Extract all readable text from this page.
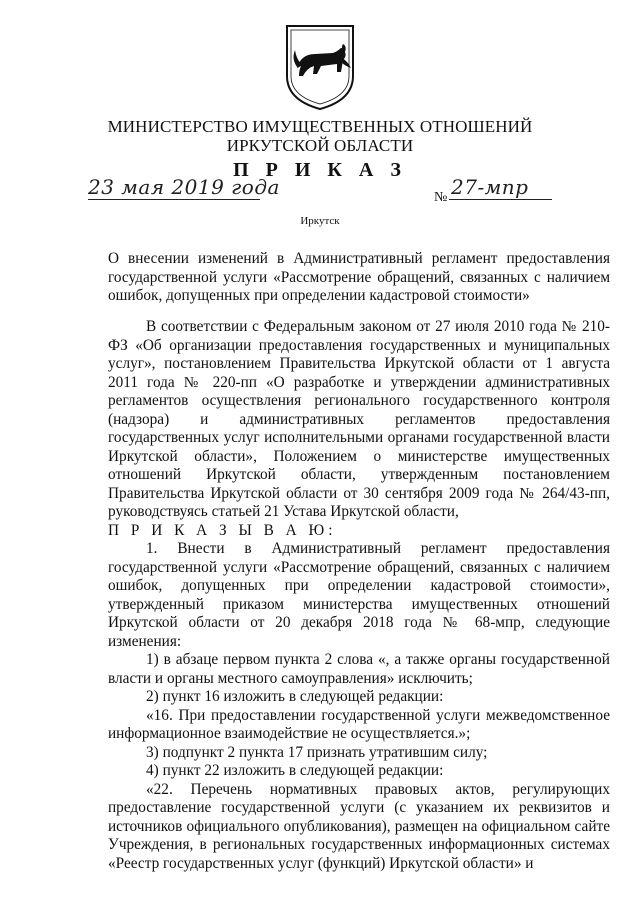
МИНИСТЕРСТВО ИМУЩЕСТВЕННЫХ ОТНОШЕНИЙ
ИРКУТСКОЙ ОБЛАСТИ
П Р И К А З
23 мая 2019 года	№ 27-мпр
Иркутск
О внесении изменений в Административный регламент предоставления государственной услуги «Рассмотрение обращений, связанных с наличием ошибок, допущенных при определении кадастровой стоимости»

В соответствии с Федеральным законом от 27 июля 2010 года № 210-ФЗ «Об организации предоставления государственных и муниципальных услуг», постановлением Правительства Иркутской области от 1 августа 2011 года № 220-пп «О разработке и утверждении административных регламентов осуществления регионального государственного контроля (надзора) и административных регламентов предоставления государственных услуг исполнительными органами государственной власти Иркутской области», Положением о министерстве имущественных отношений Иркутской области, утвержденным постановлением Правительства Иркутской области от 30 сентября 2009 года № 264/43-пп, руководствуясь статьей 21 Устава Иркутской области,

П Р И К А З Ы В А Ю:

1. Внести в Административный регламент предоставления государственной услуги «Рассмотрение обращений, связанных с наличием ошибок, допущенных при определении кадастровой стоимости», утвержденный приказом министерства имущественных отношений Иркутской области от 20 декабря 2018 года № 68-мпр, следующие изменения:

1) в абзаце первом пункта 2 слова «, а также органы государственной власти и органы местного самоуправления» исключить;

2) пункт 16 изложить в следующей редакции:

«16. При предоставлении государственной услуги межведомственное информационное взаимодействие не осуществляется.»;

3) подпункт 2 пункта 17 признать утратившим силу;

4) пункт 22 изложить в следующей редакции:

«22. Перечень нормативных правовых актов, регулирующих предоставление государственной услуги (с указанием их реквизитов и источников официального опубликования), размещен на официальном сайте Учреждения, в региональных государственных информационных системах «Реестр государственных услуг (функций) Иркутской области» и
